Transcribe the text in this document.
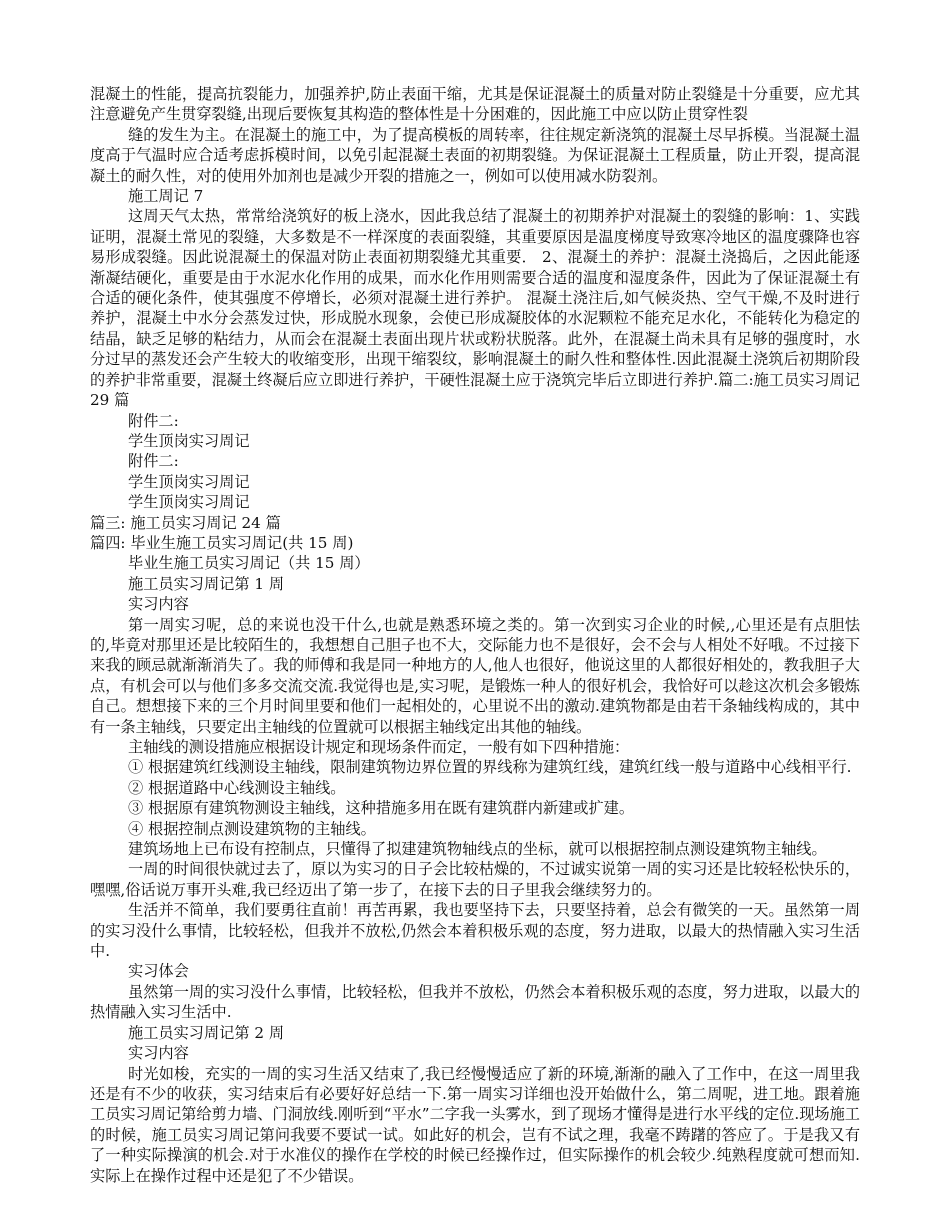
混凝土的性能，提高抗裂能力，加强养护,防止表面干缩，尤其是保证混凝土的质量对防止裂缝是十分重要，应尤其注意避免产生贯穿裂缝,出现后要恢复其构造的整体性是十分困难的，因此施工中应以防止贯穿性裂

缝的发生为主。在混凝土的施工中，为了提高模板的周转率，往往规定新浇筑的混凝土尽早拆模。当混凝土温度高于气温时应合适考虑拆模时间，以免引起混凝土表面的初期裂缝。为保证混凝土工程质量，防止开裂，提高混凝土的耐久性，对的使用外加剂也是减少开裂的措施之一，例如可以使用减水防裂剂。

施工周记 7

这周天气太热，常常给浇筑好的板上浇水，因此我总结了混凝土的初期养护对混凝土的裂缝的影响：1、实践证明，混凝土常见的裂缝，大多数是不一样深度的表面裂缝，其重要原因是温度梯度导致寒冷地区的温度骤降也容易形成裂缝。因此说混凝土的保温对防止表面初期裂缝尤其重要． 2、混凝土的养护：混凝土浇捣后，之因此能逐渐凝结硬化，重要是由于水泥水化作用的成果，而水化作用则需要合适的温度和湿度条件，因此为了保证混凝土有合适的硬化条件，使其强度不停增长，必须对混凝土进行养护。 混凝土浇注后,如气候炎热、空气干燥,不及时进行养护，混凝土中水分会蒸发过快，形成脱水现象，会使已形成凝胶体的水泥颗粒不能充足水化，不能转化为稳定的结晶，缺乏足够的粘结力，从而会在混凝土表面出现片状或粉状脱落。此外，在混凝土尚未具有足够的强度时，水分过早的蒸发还会产生较大的收缩变形，出现干缩裂纹，影响混凝土的耐久性和整体性.因此混凝土浇筑后初期阶段的养护非常重要，混凝土终凝后应立即进行养护，干硬性混凝土应于浇筑完毕后立即进行养护.篇二:施工员实习周记 29 篇

附件二:

学生顶岗实习周记

附件二:

学生顶岗实习周记

学生顶岗实习周记

篇三: 施工员实习周记 24 篇

篇四: 毕业生施工员实习周记(共 15 周)

毕业生施工员实习周记（共 15 周）

施工员实习周记第 1 周

实习内容

第一周实习呢，总的来说也没干什么,也就是熟悉环境之类的。第一次到实习企业的时候,,心里还是有点胆怯的,毕竟对那里还是比较陌生的，我想想自己胆子也不大，交际能力也不是很好，会不会与人相处不好哦。不过接下来我的顾忌就渐渐消失了。我的师傅和我是同一种地方的人,他人也很好，他说这里的人都很好相处的，教我胆子大点，有机会可以与他们多多交流交流.我觉得也是,实习呢，是锻炼一种人的很好机会，我恰好可以趁这次机会多锻炼自己。想想接下来的三个月时间里要和他们一起相处的，心里说不出的激动.建筑物都是由若干条轴线构成的，其中有一条主轴线，只要定出主轴线的位置就可以根据主轴线定出其他的轴线。

主轴线的测设措施应根据设计规定和现场条件而定，一般有如下四种措施：

① 根据建筑红线测设主轴线，限制建筑物边界位置的界线称为建筑红线，建筑红线一般与道路中心线相平行.

② 根据道路中心线测设主轴线。

③ 根据原有建筑物测设主轴线，这种措施多用在既有建筑群内新建或扩建。

④ 根据控制点测设建筑物的主轴线。

建筑场地上已布设有控制点，只懂得了拟建建筑物轴线点的坐标，就可以根据控制点测设建筑物主轴线。

一周的时间很快就过去了，原以为实习的日子会比较枯燥的，不过诚实说第一周的实习还是比较轻松快乐的，嘿嘿,俗话说万事开头难,我已经迈出了第一步了，在接下去的日子里我会继续努力的。

生活并不简单，我们要勇往直前！再苦再累，我也要坚持下去，只要坚持着，总会有微笑的一天。虽然第一周的实习没什么事情，比较轻松，但我并不放松,仍然会本着积极乐观的态度，努力进取，以最大的热情融入实习生活中.

实习体会

虽然第一周的实习没什么事情，比较轻松，但我并不放松，仍然会本着积极乐观的态度，努力进取，以最大的热情融入实习生活中.

施工员实习周记第 2 周

实习内容

时光如梭，充实的一周的实习生活又结束了,我已经慢慢适应了新的环境,渐渐的融入了工作中，在这一周里我还是有不少的收获，实习结束后有必要好好总结一下.第一周实习详细也没开始做什么，第二周呢，进工地。跟着施工员实习周记第给剪力墙、门洞放线.刚听到“平水”二字我一头雾水，到了现场才懂得是进行水平线的定位.现场施工的时候，施工员实习周记第问我要不要试一试。如此好的机会，岂有不试之理，我毫不踌躇的答应了。于是我又有了一种实际操演的机会.对于水准仪的操作在学校的时候已经操作过，但实际操作的机会较少.纯熟程度就可想而知.实际上在操作过程中还是犯了不少错误。
